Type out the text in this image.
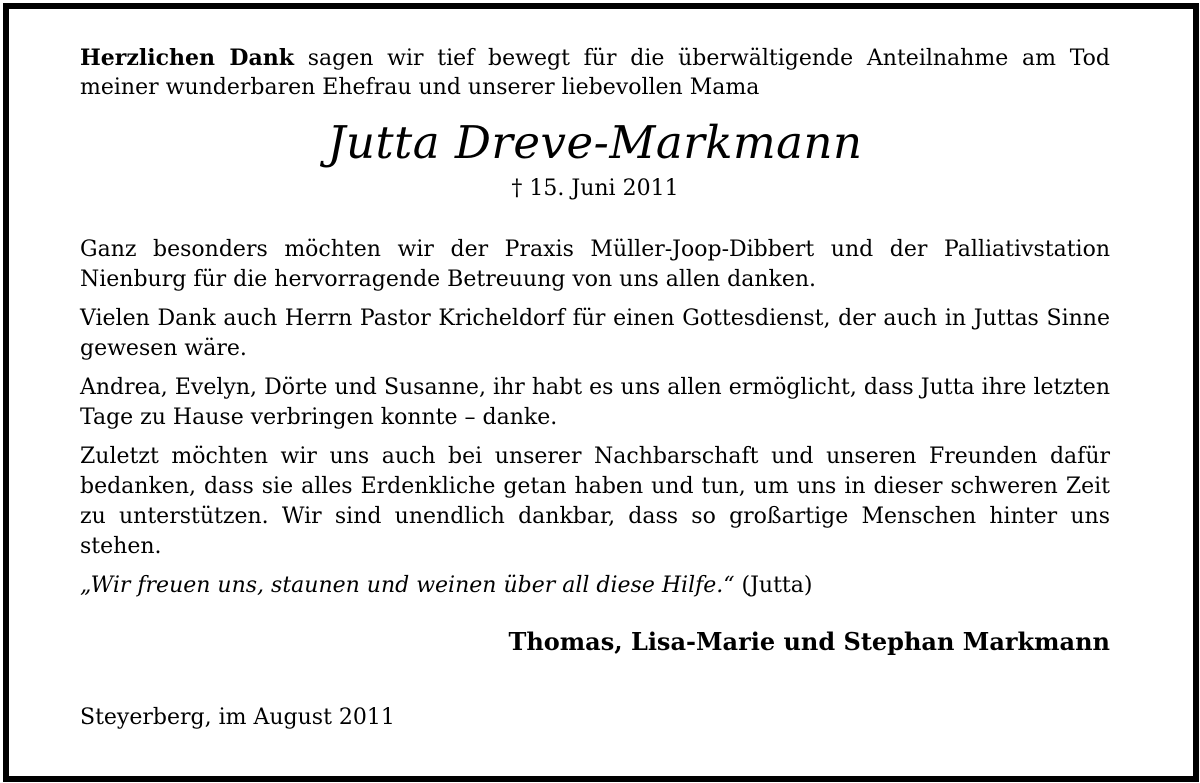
Herzlichen Dank sagen wir tief bewegt für die überwältigende Anteilnahme am Tod meiner wunderbaren Ehefrau und unserer liebevollen Mama

Jutta Dreve-Markmann
† 15. Juni 2011

Ganz besonders möchten wir der Praxis Müller-Joop-Dibbert und der Palliativstation Nienburg für die hervorragende Betreuung von uns allen danken.

Vielen Dank auch Herrn Pastor Kricheldorf für einen Gottesdienst, der auch in Juttas Sinne gewesen wäre.

Andrea, Evelyn, Dörte und Susanne, ihr habt es uns allen ermöglicht, dass Jutta ihre letzten Tage zu Hause verbringen konnte – danke.

Zuletzt möchten wir uns auch bei unserer Nachbarschaft und unseren Freunden dafür bedanken, dass sie alles Erdenkliche getan haben und tun, um uns in dieser schweren Zeit zu unterstützen. Wir sind unendlich dankbar, dass so großartige Menschen hinter uns stehen.

„Wir freuen uns, staunen und weinen über all diese Hilfe.“ (Jutta)

Thomas, Lisa-Marie und Stephan Markmann

Steyerberg, im August 2011
